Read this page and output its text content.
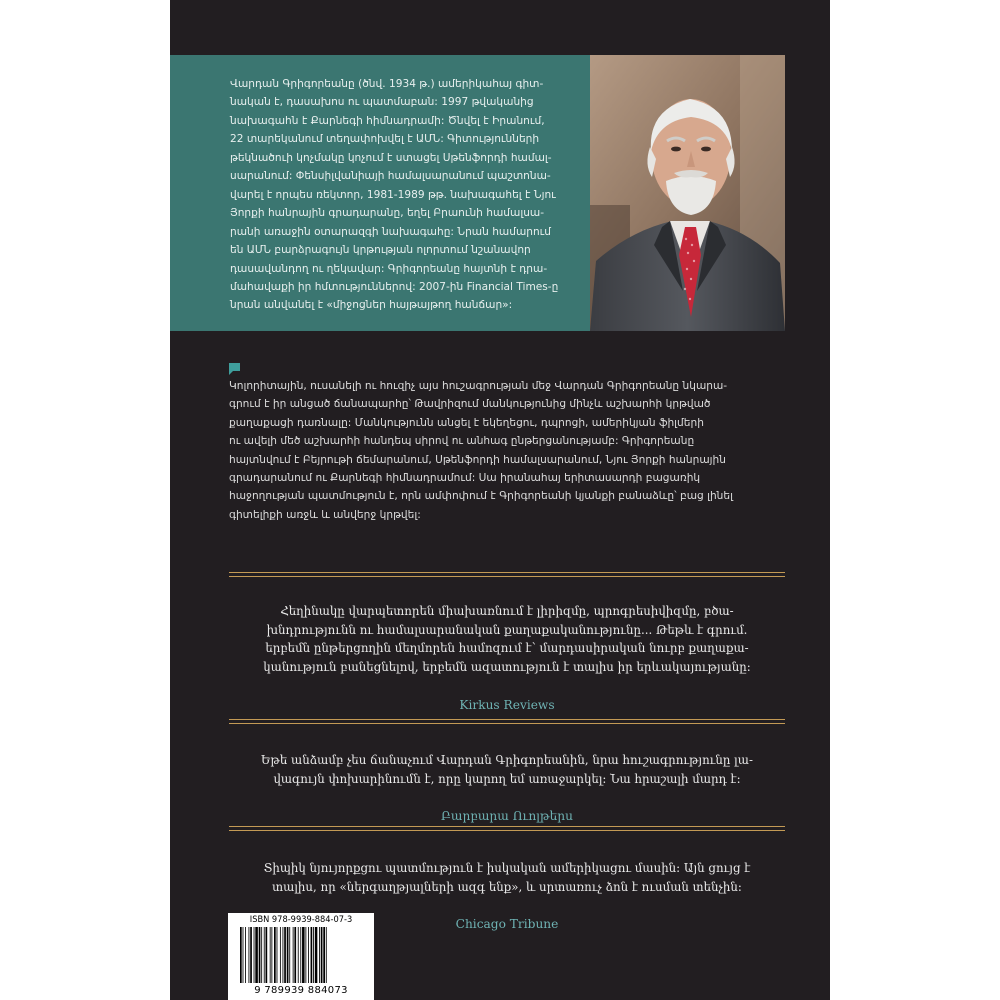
Վարդան Գրիգորեանը (ծնվ. 1934 թ.) ամերիկահայ գիտ-
նական է, դասախոս ու պատմաբան: 1997 թվականից
նախագահն է Քարնեգի հիմնադրամի: Ծնվել է Իրանում,
22 տարեկանում տեղափոխվել է ԱՄՆ: Գիտությունների
թեկնածուի կոչմակը կոչում է ստացել Սթենֆորդի համալ-
սարանում: Փենսիլվանիայի համալսարանում պաշտոնա-
վարել է որպես ռեկտոր, 1981-1989 թթ. նախագահել է Նյու
Յորքի հանրային գրադարանը, եղել Բրաունի համալսա-
րանի առաջին օտարազգի նախագահը: Նրան համարում
են ԱՄՆ բարձրագույն կրթության ոլորտում նշանավոր
դասավանդող ու ղեկավար: Գրիգորեանը հայտնի է դրա-
մահավաքի իր հմտություններով: 2007-ին Financial Times-ը
նրան անվանել է «միջոցներ հայթայթող հանճար»:
Կոլորիտային, ուսանելի ու հուզիչ այս հուշագրության մեջ Վարդան Գրիգորեանը նկարա-
գրում է իր անցած ճանապարհը՝ Թավրիզում մանկությունից մինչև աշխարհի կրթված
քաղաքացի դառնալը: Մանկությունն անցել է եկեղեցու, դպրոցի, ամերիկյան ֆիլմերի
ու ավելի մեծ աշխարհի հանդեպ սիրով ու անհագ ընթերցանությամբ: Գրիգորեանը
հայտնվում է Բեյրութի ճեմարանում, Սթենֆորդի համալսարանում, Նյու Յորքի հանրային
գրադարանում ու Քարնեգի հիմնադրամում: Սա իրանահայ երիտասարդի բացառիկ
հաջողության պատմություն է, որն ամփոփում է Գրիգորեանի կյանքի բանաձևը՝ բաց լինել
գիտելիքի առջև և անվերջ կրթվել:

Հեղինակը վարպետորեն միախառնում է լիրիզմը, պրոգրեսիվիզմը, բծա-
խնդրությունն ու համալսարանական քաղաքականությունը... Թեթև է գրում.
երբեմն ընթերցողին մեղմորեն համոզում է՝ մարդասիրական նուրբ քաղաքա-
կանություն բանեցնելով, երբեմն ազատություն է տալիս իր երևակայությանը:

Kirkus Reviews

Եթե անձամբ չես ճանաչում Վարդան Գրիգորեանին, նրա հուշագրությունը լա-
վագույն փոխարինումն է, որը կարող եմ առաջարկել: Նա հրաշալի մարդ է:

Բարբարա Ուոլթերս

Տիպիկ նյույորքցու պատմություն է իսկական ամերիկացու մասին: Այն ցույց է
տալիս, որ «ներգաղթյալների ազգ ենք», և սրտառուչ ձոն է ուսման տենչին:

Chicago Tribune

ISBN 978-9939-884-07-3
9 789939 884073
